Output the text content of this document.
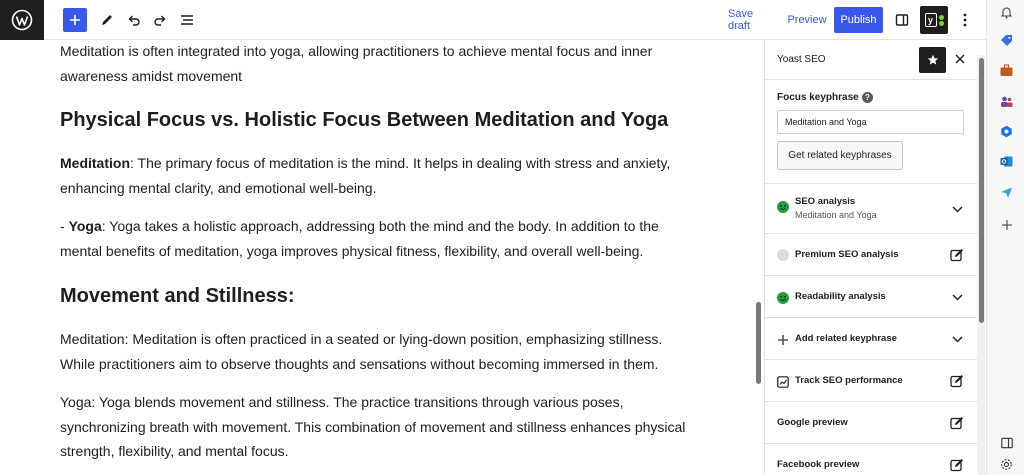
Save draft	Preview	Publish	y

Meditation is often integrated into yoga, allowing practitioners to achieve mental focus and inner awareness amidst movement

Physical Focus vs. Holistic Focus Between Meditation and Yoga

Meditation: The primary focus of meditation is the mind. It helps in dealing with stress and anxiety, enhancing mental clarity, and emotional well-being.

- Yoga: Yoga takes a holistic approach, addressing both the mind and the body. In addition to the mental benefits of meditation, yoga improves physical fitness, flexibility, and overall well-being.

Movement and Stillness:

Meditation: Meditation is often practiced in a seated or lying-down position, emphasizing stillness. While practitioners aim to observe thoughts and sensations without becoming immersed in them.

Yoga: Yoga blends movement and stillness. The practice transitions through various poses, synchronizing breath with movement. This combination of movement and stillness enhances physical strength, flexibility, and mental focus.

Yoast SEO
Focus keyphrase ?
Meditation and Yoga
Get related keyphrases
SEO analysis
Meditation and Yoga
Premium SEO analysis
Readability analysis
Add related keyphrase
Track SEO performance
Google preview
Facebook preview
